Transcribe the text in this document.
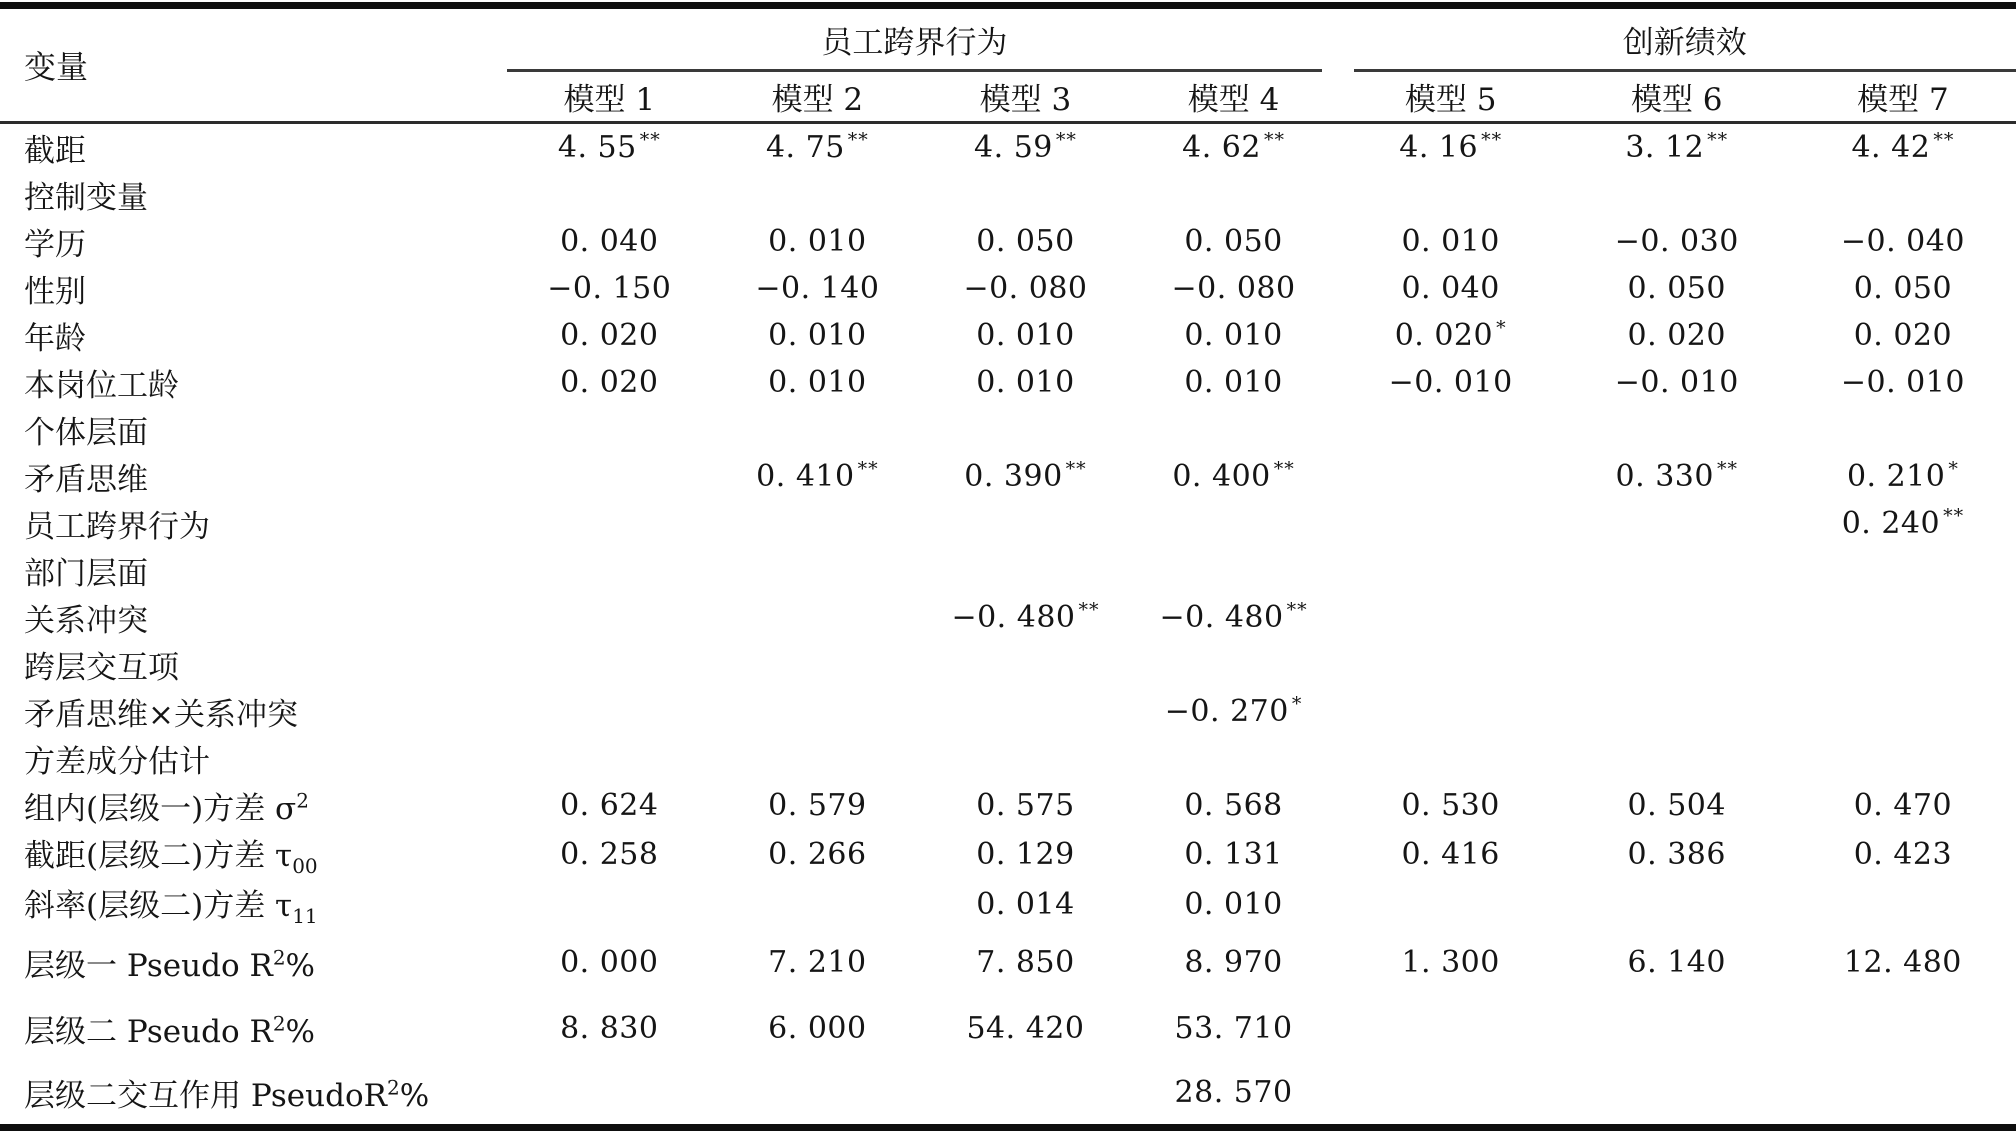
变量	员工跨界行为				创新绩效		

	模型 1	模型 2	模型 3	模型 4	模型 5	模型 6	模型 7
截距	4. 55 **	4. 75 **	4. 59 **	4. 62 **	4. 16 **	3. 12 **	4. 42 **
控制变量							
学历	0. 040	0. 010	0. 050	0. 050	0. 010	−0. 030	−0. 040
性别	−0. 150	−0. 140	−0. 080	−0. 080	0. 040	0. 050	0. 050
年龄	0. 020	0. 010	0. 010	0. 010	0. 020 *	0. 020	0. 020
本岗位工龄	0. 020	0. 010	0. 010	0. 010	−0. 010	−0. 010	−0. 010
个体层面							
矛盾思维		0. 410 **	0. 390 **	0. 400 **		0. 330 **	0. 210 *
员工跨界行为							0. 240 **
部门层面							
关系冲突			−0. 480 **	−0. 480 **			
跨层交互项							
矛盾思维×关系冲突				−0. 270 *			
方差成分估计							
组内(层级一)方差 $\sigma^2$	0. 624	0. 579	0. 575	0. 568	0. 530	0. 504	0. 470
截距(层级二)方差 $\tau_{00}$	0. 258	0. 266	0. 129	0. 131	0. 416	0. 386	0. 423
斜率(层级二)方差 $\tau_{11}$			0. 014	0. 010			
层级一 Pseudo $R^2\%$	0. 000	7. 210	7. 850	8. 970	1. 300	6. 140	12. 480
层级二 Pseudo $R^2\%$	8. 830	6. 000	54. 420	53. 710			
层级二交互作用 PseudoR$^2$%				28. 570			
